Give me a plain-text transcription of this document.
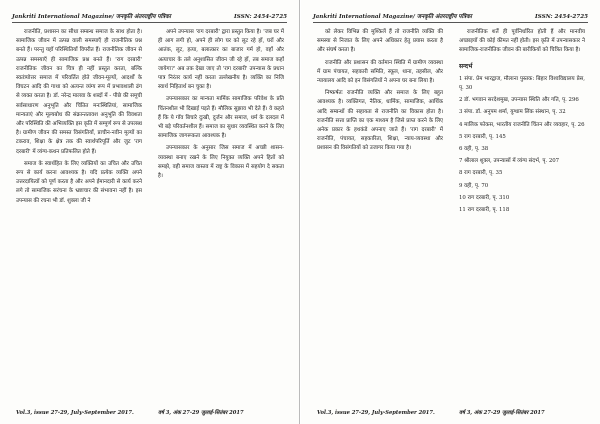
Jankriti International Magazine/ जनकृति अंतरराष्ट्रीय पत्रिका	ISSN: 2454-2725

राजनीति, प्रशासन का सीधा सम्बन्ध समाज के साथ होता है। सामाजिक जीवन में उत्पन्न वाली समस्याएँ ही राजनीतिक प्रश्न बनते हैं। परन्तु यहाँ परिस्थितियाँ विपरीत हैं। राजनीतिक जीवन से उत्पन्न समस्याएँ ही सामाजिक प्रश्न बनते हैं। 'राग दरबारी' राजनीतिक जीवन का चित्र ही नहीं प्रस्तुत करता, बल्कि स्वतंत्र्योत्तर समाज में परिवर्तित होते जीवन-मूल्यों, आदर्शों के विघटन आदि की गाथा को अत्यन्त व्यंग्य रूप में प्रभावशाली ढंग से व्यक्त करता है। डॉ. नरेन्द्र मालवा के शब्दों में - पीछे की समूची सर्वसाधारण अनुभूति और चिंतित मनःस्थितियां, सामाजिक मान्यताएं और मूल्यबोध की संक्रान्ततावश अनुभूति की विवशता और परिस्थिति की अभिव्यक्ति इस कृति में सम्पूर्ण रूप से उपलब्ध है। ग्रामीण जीवन की समस्त विसंगतियाँ, प्राचीन-नवीन मूल्यों का टकराव, शिक्षा के क्षेत्र तक की स्वार्थपरिपूर्ति और जुट 'राग दरबारी' में व्यंग्य-कथन प्रतिफलित होते हैं।

समाज के स्वार्थहित के लिए व्यक्तियों का उचित और उचित रूप से कार्य करना आवश्यक है। यदि प्रत्येक व्यक्ति अपने उत्तरदायित्वों को पूर्ण करता है और अपने ईमानदारी से कार्य करने लगे तो सामाजिक सरंचना के भ्रष्टाचार की संभावना नहीं है। इस उपन्यास की रचना भी डॉ. शुक्ला जी ने

अपने उपन्यास 'राग दरबारी' द्वारा प्रस्तुत किया है। 'जब घर में ही आग लगी हो, अपने ही लोग घर को लूट रहे हों, घरों और आतंक, लूट, हत्या, बलात्कार का बाजार गर्म हो, वहाँ और अत्याचार के तले अनुशासित जीवन जी रहे हों, तब समाज कहाँ जायेगा?' अब तक देखा जाए तो 'राग दरबारी' उपन्यास के प्रधान पात्र निरंतर कार्य नहीं करता उल्लेखनीय है। व्यक्ति का निजि स्वार्थ निहितार्थ बन चुका है।

उपन्यासकार का मान्यता मार्मिक सामाजिक परिवेश के प्रति चिंतनशील भी दिखाई पड़ते हैं। मौलिक सुझाव भी देते हैं। वे कहते हैं कि ये गाँव बिचारे दुःखी, दुर्जन और समाज, धर्म के दलदल में भी बड़े परिवर्तनशील हैं। समाज का सुधार व्यवस्थित करने के लिए सामाजिक जागरूकता आवश्यक है।

उपन्यासकार के अनुसार जिस समाज में अच्छी शासन-व्यवस्था बनाए रखने के लिए नियुक्त व्यक्ति अपने हितों को समझे, वही समाज वास्तव में राष्ट्र के विकास में सहयोग दे सकता है।

Vol.3, issue 27-29, July-September 2017.	वर्ष 3, अंक 27-29 जुलाई-सितंबर 2017
Jankriti International Magazine/ जनकृति अंतरराष्ट्रीय पत्रिका	ISSN: 2454-2725

को लेकर विभिन्न की मुश्किलें हैं तो राजनीति व्यक्ति की समस्या से निजात के लिए अपने अधिकार हेतु प्रयास करता है और संघर्ष करता है।

राजनीति और प्रशासन की वर्तमान स्थिति में ग्रामीण व्यवस्था में ग्राम पंचायत, सहकारी समिति, स्कूल, थाना, तहसील, और न्यायालय आदि को इन विसंगतियों ने अपना घर बना लिया है।

निष्कर्षतः राजनीति व्यक्ति और समाज के लिए बहुत आवश्यक है। व्यक्तिगत, नैतिक, धार्मिक, सामाजिक, आर्थिक आदि सम्बन्धों की सहायता से राजनीति का विकास होता है। राजनीति सत्ता प्राप्ति का एक माध्यम है जिसे प्राप्त करने के लिए अनेक प्रकार के हथकंडे अपनाए जाते हैं। 'राग दरबारी' में राजनीति, पंचायत, सहकारिता, शिक्षा, न्याय-व्यवस्था और प्रशासन की विसंगतियों को उजागर किया गया है।

राजनीतिक शर्तें ही पूर्वनिर्धारित होती हैं और मानवीय अच्छाइयों की कोई कीमत नहीं होती। इस कृति में उपन्यासकार ने सामाजिक-राजनीतिक जीवन की बारीकियों को चित्रित किया है।

सन्दर्भ
1 संपा. प्रेम भारद्वाज, मौलाना पुस्तक: बिहार विश्वविद्यालय प्रेस, पृ. 30
2 डॉ. भगवान सरदेशमुख, उपन्यास स्थिति और गति, पृ. 296
3 संपा. डॉ. अनुपम शर्मा, युग्धाम लिंक संस्थान, पृ. 32
4 मालिक फोकस, भारतीय राजनीति चिंतन और व्यवहार, पृ. 26
5 राग दरबारी, पृ. 145
6 वही, पृ. 38
7 श्रीलाल शुक्ल, उपन्यासों में व्यंग्य संदर्भ, पृ. 207
8 राग दरबारी, पृ. 35
9 वही, पृ. 70
10 राग दरबारी, पृ. 310
11 राग दरबारी, पृ. 118
Vol.3, issue 27-29, July-September 2017.	वर्ष 3, अंक 27-29 जुलाई-सितंबर 2017
